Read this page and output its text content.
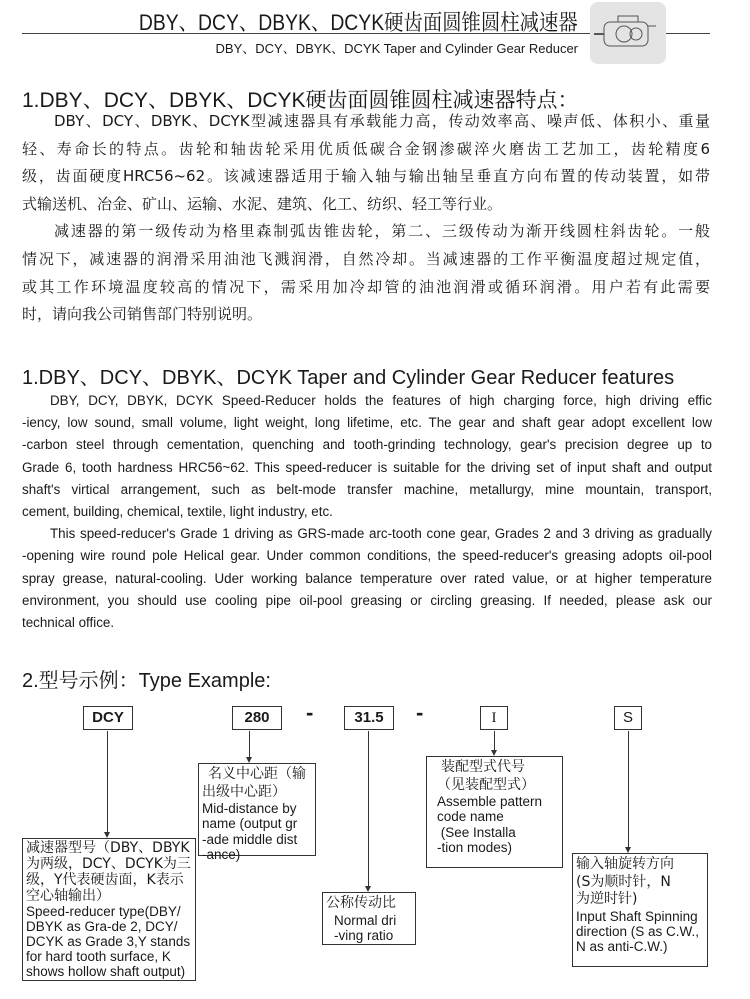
DBY、DCY、DBYK、DCYK硬齿面圆锥圆柱减速器
DBY、DCY、DBYK、DCYK Taper and Cylinder Gear Reducer
1.DBY、DCY、DBYK、DCYK硬齿面圆锥圆柱减速器特点：
DBY、DCY、DBYK、DCYK型减速器具有承载能力高，传动效率高、噪声低、体积小、重量
轻、寿命长的特点。齿轮和轴齿轮采用优质低碳合金钢渗碳淬火磨齿工艺加工，齿轮精度6
级，齿面硬度HRC56~62。该减速器适用于输入轴与输出轴呈垂直方向布置的传动装置，如带
式输送机、冶金、矿山、运输、水泥、建筑、化工、纺织、轻工等行业。
减速器的第一级传动为格里森制弧齿锥齿轮，第二、三级传动为渐开线圆柱斜齿轮。一般
情况下，减速器的润滑采用油池飞溅润滑，自然冷却。当减速器的工作平衡温度超过规定值，
或其工作环境温度较高的情况下，需采用加冷却管的油池润滑或循环润滑。用户若有此需要
时，请向我公司销售部门特别说明。
1.DBY、DCY、DBYK、DCYK Taper and Cylinder Gear Reducer features
DBY, DCY, DBYK, DCYK Speed-Reducer holds the features of high charging force, high driving effic
-iency, low sound, small volume, light weight, long lifetime, etc. The gear and shaft gear adopt excellent low
-carbon steel through cementation, quenching and tooth-grinding technology, gear's precision degree up to
Grade 6, tooth hardness HRC56~62. This speed-reducer is suitable for the driving set of input shaft and output
shaft's virtical arrangement, such as belt-mode transfer machine, metallurgy, mine mountain, transport,
cement, building, chemical, textile, light industry, etc.
This speed-reducer's Grade 1 driving as GRS-made arc-tooth cone gear, Grades 2 and 3 driving as gradually
-opening wire round pole Helical gear. Under common conditions, the speed-reducer's greasing adopts oil-pool
spray grease, natural-cooling. Uder working balance temperature over rated value, or at higher temperature
environment, you should use cooling pipe oil-pool greasing or circling greasing. If needed, please ask our
technical office.
2.型号示例：Type Example:
DCY	280	-	31.5	-	I	S
减速器型号（DBY、DBYK
为两级，DCY、DCYK为三
级，Y代表硬齿面，K表示
空心轴输出）
Speed-reducer type(DBY/
DBYK as Gra-de 2, DCY/
DCYK as Grade 3,Y stands
for hard tooth surface, K
shows hollow shaft output)
名义中心距（输
出级中心距）
Mid-distance by
name (output gr
-ade middle dist
-ance)
公称传动比
Normal dri
-ving ratio
装配型式代号
（见装配型式）
Assemble pattern
code name
(See Installa
-tion modes)
输入轴旋转方向
(S为顺时针，N
为逆时针)
Input Shaft Spinning
direction (S as C.W.,
N as anti-C.W.)
